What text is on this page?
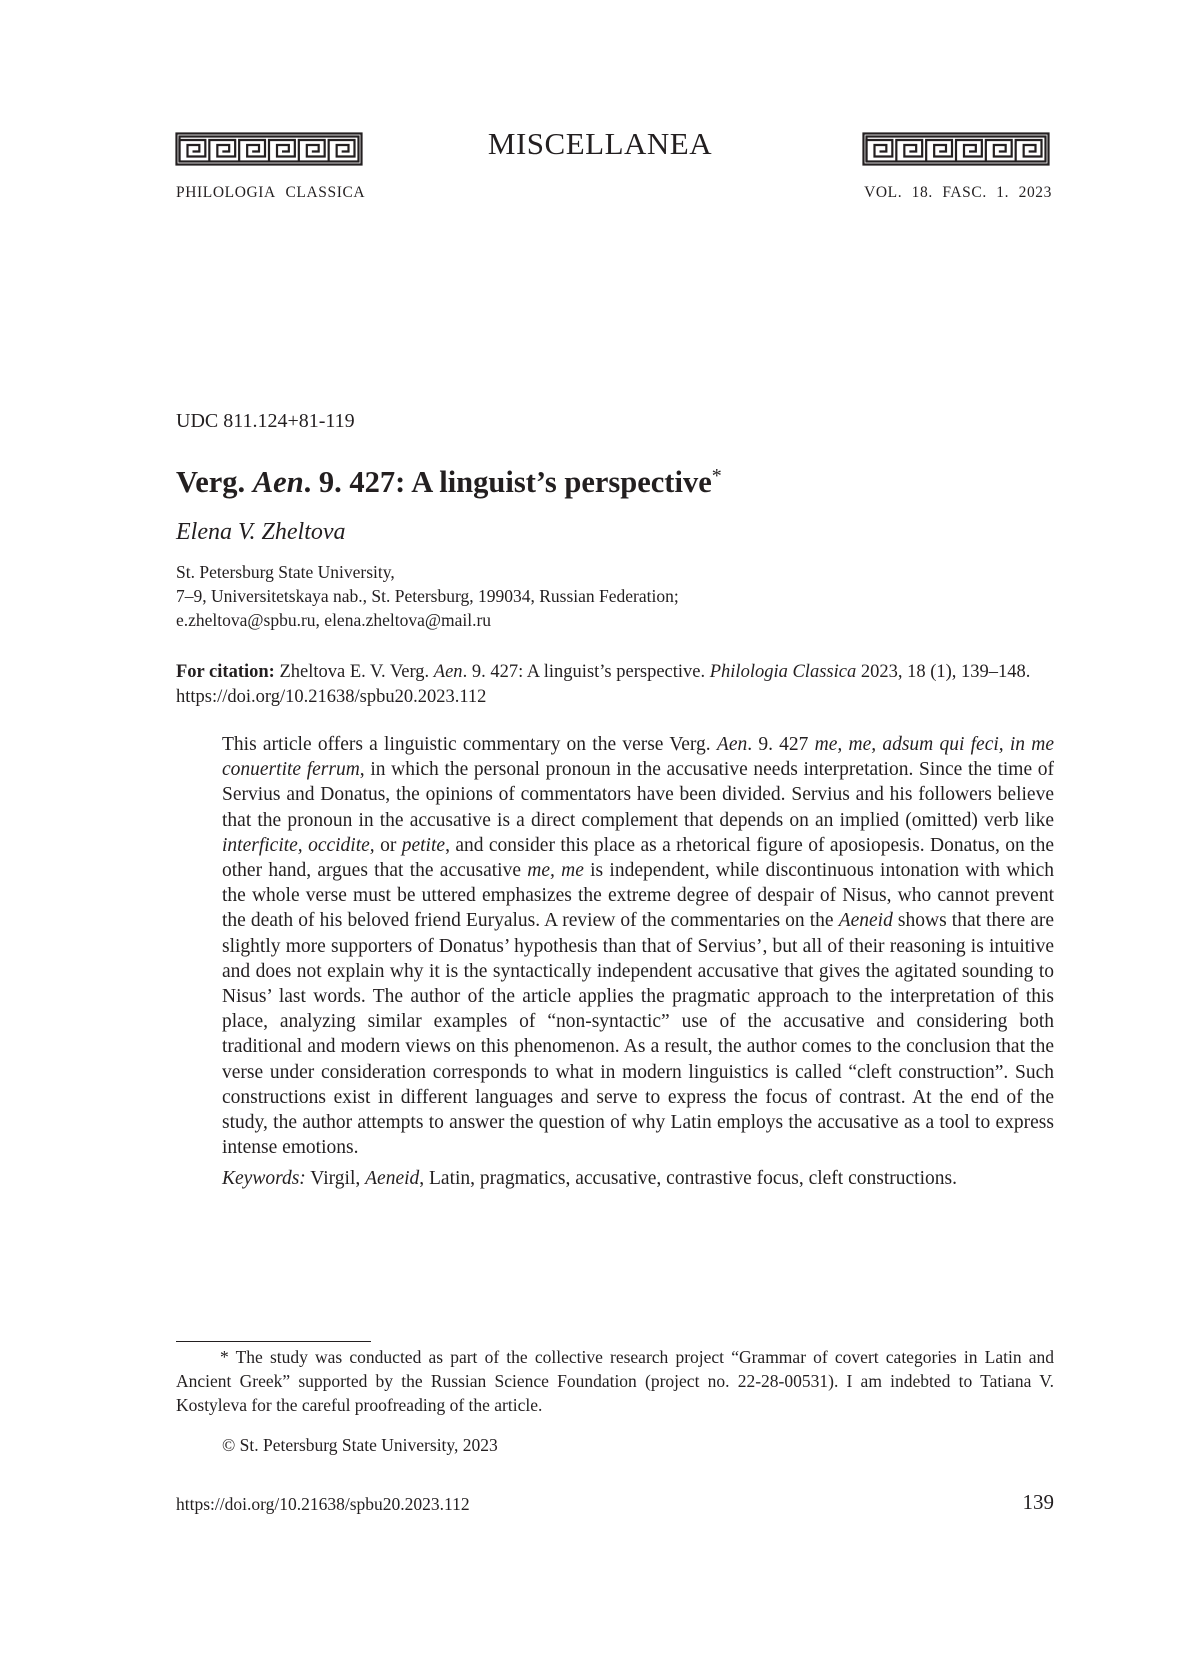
MISCELLANEA
PHILOLOGIA CLASSICA	VOL. 18. FASC. 1. 2023
UDC 811.124+81-119
Verg. Aen. 9. 427: A linguist’s perspective*
Elena V. Zheltova
St. Petersburg State University,
7–9, Universitetskaya nab., St. Petersburg, 199034, Russian Federation;
e.zheltova@spbu.ru, elena.zheltova@mail.ru
For citation: Zheltova E. V. Verg. Aen. 9. 427: A linguist’s perspective. Philologia Classica 2023, 18 (1), 139–148. https://doi.org/10.21638/spbu20.2023.112

This article offers a linguistic commentary on the verse Verg. Aen. 9. 427 me, me, adsum qui feci, in me conuertite ferrum, in which the personal pronoun in the accusative needs interpretation. Since the time of Servius and Donatus, the opinions of commentators have been divided. Servius and his followers believe that the pronoun in the accusative is a direct complement that depends on an implied (omitted) verb like interficite, occidite, or petite, and consider this place as a rhetorical figure of aposiopesis. Donatus, on the other hand, argues that the accusative me, me is independent, while discontinuous intonation with which the whole verse must be uttered emphasizes the extreme degree of despair of Nisus, who cannot prevent the death of his beloved friend Euryalus. A review of the commentaries on the Aeneid shows that there are slightly more supporters of Donatus’ hypothesis than that of Servius’, but all of their reasoning is intuitive and does not explain why it is the syntactically independent accusative that gives the agitated sounding to Nisus’ last words. The author of the article applies the pragmatic approach to the interpretation of this place, analyzing similar examples of “non-syntactic” use of the accusative and considering both traditional and modern views on this phenomenon. As a result, the author comes to the conclusion that the verse under consideration corresponds to what in modern linguistics is called “cleft construction”. Such constructions exist in different languages and serve to express the focus of contrast. At the end of the study, the author attempts to answer the question of why Latin employs the accusative as a tool to express intense emotions.

Keywords: Virgil, Aeneid, Latin, pragmatics, accusative, contrastive focus, cleft constructions.

* The study was conducted as part of the collective research project “Grammar of covert categories in Latin and Ancient Greek” supported by the Russian Science Foundation (project no. 22-28-00531). I am indebted to Tatiana V. Kostyleva for the careful proofreading of the article.
© St. Petersburg State University, 2023
https://doi.org/10.21638/spbu20.2023.112	139
